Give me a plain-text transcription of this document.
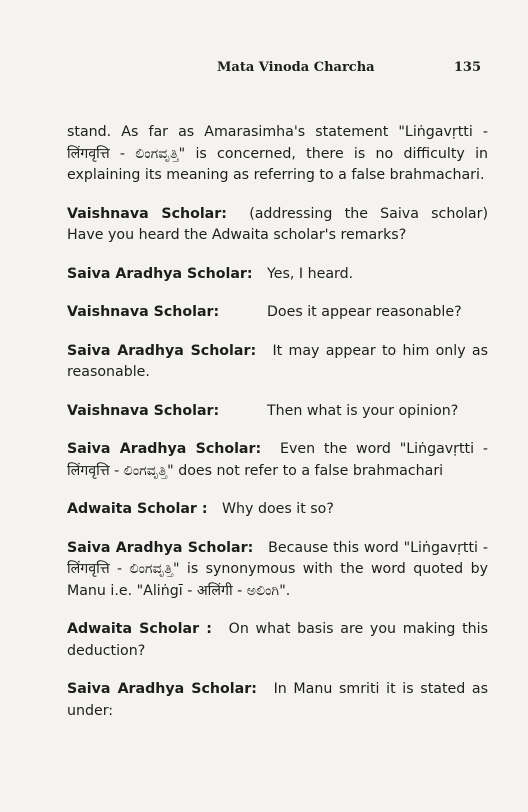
Mata Vinoda Charcha	135

stand. As far as Amarasimha's statement "Liṅgavṛtti - लिंगवृत्ति - ಲಿಂಗವೃತ್ತಿ" is concerned, there is no difficulty in explaining its meaning as referring to a false brahmachari.

Vaishnava Scholar: (addressing the Saiva scholar) Have you heard the Adwaita scholar's remarks?

Saiva Aradhya Scholar:	Yes, I heard.
Vaishnava Scholar:	Does it appear reasonable?

Saiva Aradhya Scholar: It may appear to him only as reasonable.

Vaishnava Scholar:	Then what is your opinion?

Saiva Aradhya Scholar: Even the word "Liṅgavṛtti - लिंगवृत्ति - ಲಿಂಗವೃತ್ತಿ" does not refer to a false brahmachari

Adwaita Scholar : Why does it so?

Saiva Aradhya Scholar: Because this word "Liṅgavṛtti - लिंगवृत्ति - ಲಿಂಗವೃತ್ತಿ" is synonymous with the word quoted by Manu i.e. "Aliṅgī - अलिंगी - ಅಲಿಂಗಿ".

Adwaita Scholar : On what basis are you making this deduction?

Saiva Aradhya Scholar: In Manu smriti it is stated as under:
